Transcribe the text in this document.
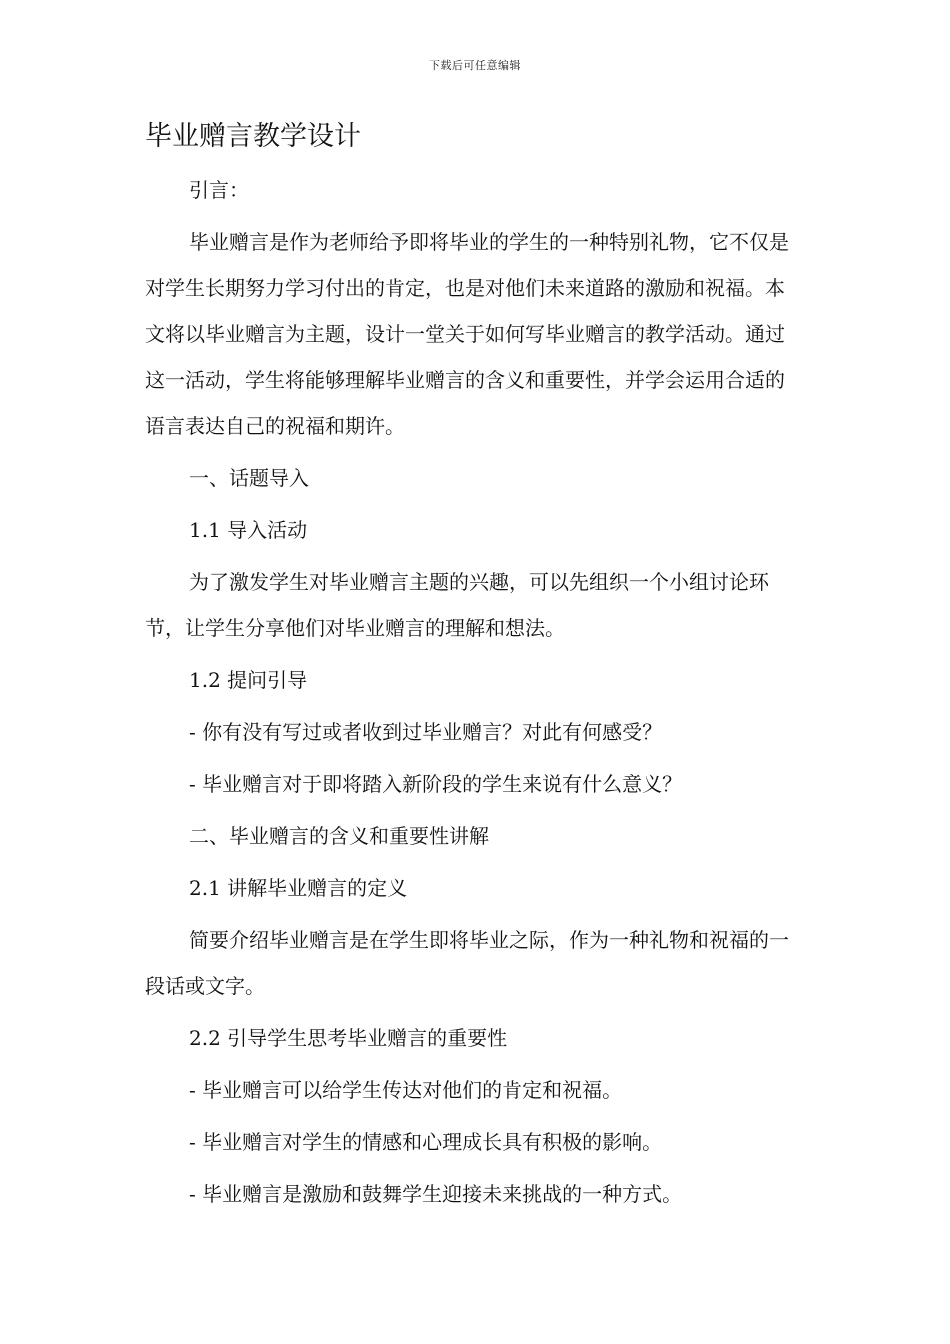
下载后可任意编辑
毕业赠言教学设计

引言：

毕业赠言是作为老师给予即将毕业的学生的一种特别礼物，它不仅是对学生长期努力学习付出的肯定，也是对他们未来道路的激励和祝福。本文将以毕业赠言为主题，设计一堂关于如何写毕业赠言的教学活动。通过这一活动，学生将能够理解毕业赠言的含义和重要性，并学会运用合适的语言表达自己的祝福和期许。

一、话题导入

1.1 导入活动

为了激发学生对毕业赠言主题的兴趣，可以先组织一个小组讨论环节，让学生分享他们对毕业赠言的理解和想法。

1.2 提问引导

- 你有没有写过或者收到过毕业赠言？对此有何感受？

- 毕业赠言对于即将踏入新阶段的学生来说有什么意义？

二、毕业赠言的含义和重要性讲解

2.1 讲解毕业赠言的定义

简要介绍毕业赠言是在学生即将毕业之际，作为一种礼物和祝福的一段话或文字。

2.2 引导学生思考毕业赠言的重要性

- 毕业赠言可以给学生传达对他们的肯定和祝福。

- 毕业赠言对学生的情感和心理成长具有积极的影响。

- 毕业赠言是激励和鼓舞学生迎接未来挑战的一种方式。
